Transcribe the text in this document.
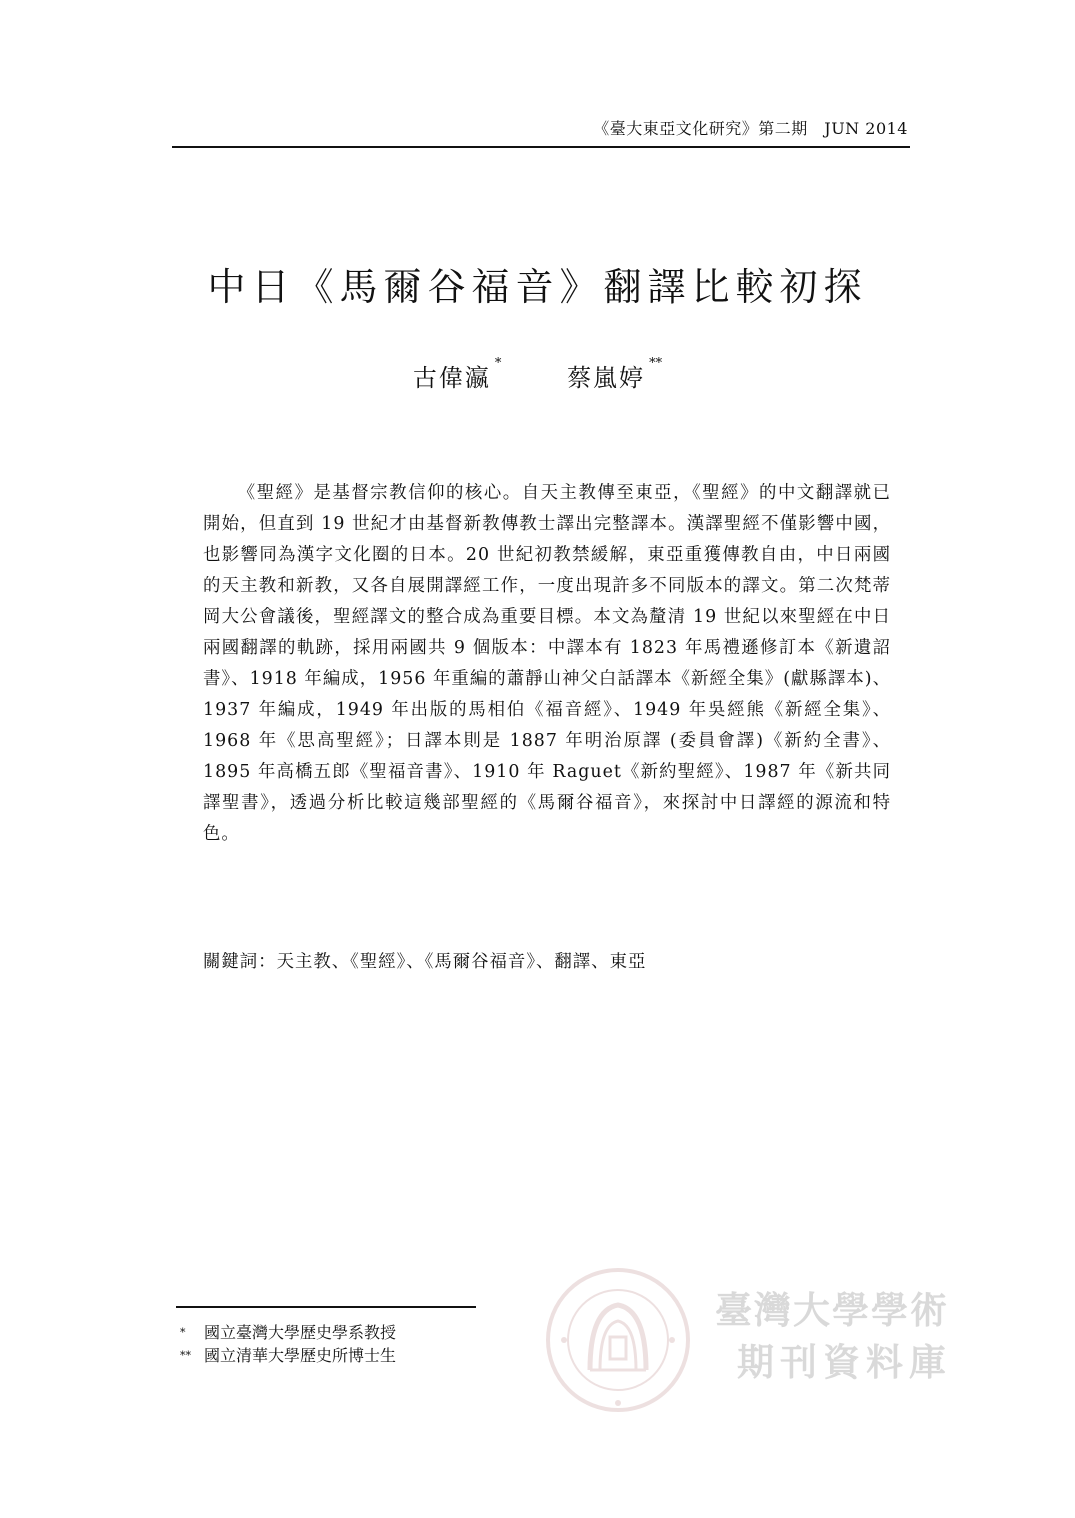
《臺大東亞文化研究》第二期　JUN 2014
中日《馬爾谷福音》翻譯比較初探
古偉瀛* 蔡嵐婷**

《聖經》是基督宗教信仰的核心。自天主教傳至東亞，《聖經》的中文翻譯就已開始，但直到 19 世紀才由基督新教傳教士譯出完整譯本。漢譯聖經不僅影響中國，也影響同為漢字文化圈的日本。20 世紀初教禁緩解，東亞重獲傳教自由，中日兩國的天主教和新教，又各自展開譯經工作，一度出現許多不同版本的譯文。第二次梵蒂岡大公會議後，聖經譯文的整合成為重要目標。本文為釐清 19 世紀以來聖經在中日兩國翻譯的軌跡，採用兩國共 9 個版本：中譯本有 1823 年馬禮遜修訂本《新遺詔書》、1918 年編成，1956 年重編的蕭靜山神父白話譯本《新經全集》(獻縣譯本)、1937 年編成，1949 年出版的馬相伯《福音經》、1949 年吳經熊《新經全集》、1968 年《思高聖經》；日譯本則是 1887 年明治原譯 (委員會譯)《新約全書》、1895 年高橋五郎《聖福音書》、1910 年 Raguet《新約聖經》、1987 年《新共同譯聖書》，透過分析比較這幾部聖經的《馬爾谷福音》，來探討中日譯經的源流和特色。

關鍵詞：天主教、《聖經》、《馬爾谷福音》、翻譯、東亞
* 國立臺灣大學歷史學系教授
** 國立清華大學歷史所博士生
臺灣大學學術
期刊資料庫
